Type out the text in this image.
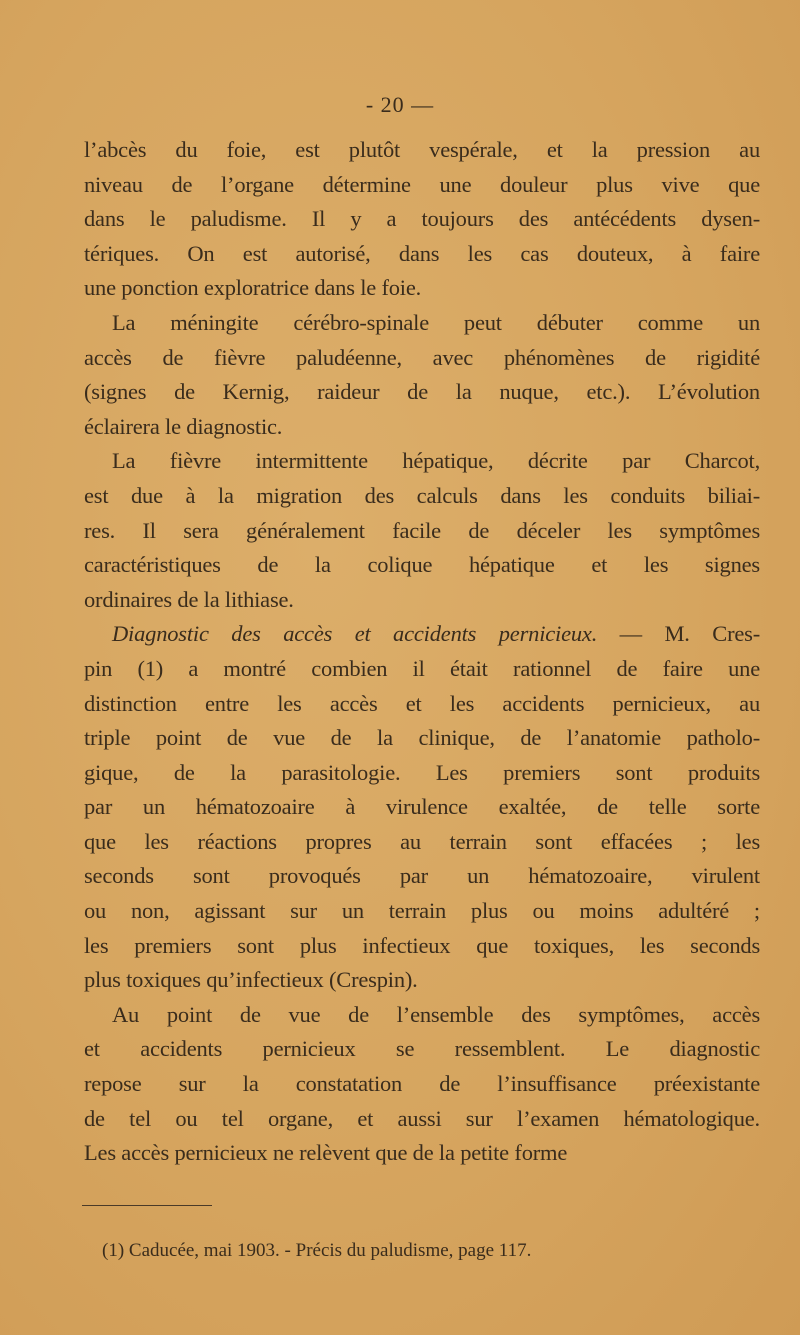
- 20 —
l’abcès du foie, est plutôt vespérale, et la pression au
niveau de l’organe détermine une douleur plus vive que
dans le paludisme. Il y a toujours des antécédents dysen-
tériques. On est autorisé, dans les cas douteux, à faire
une ponction exploratrice dans le foie.
La méningite cérébro-spinale peut débuter comme un
accès de fièvre paludéenne, avec phénomènes de rigidité
(signes de Kernig, raideur de la nuque, etc.). L’évolution
éclairera le diagnostic.
La fièvre intermittente hépatique, décrite par Charcot,
est due à la migration des calculs dans les conduits biliai-
res. Il sera généralement facile de déceler les symptômes
caractéristiques de la colique hépatique et les signes
ordinaires de la lithiase.
Diagnostic des accès et accidents pernicieux. — M. Cres-
pin (1) a montré combien il était rationnel de faire une
distinction entre les accès et les accidents pernicieux, au
triple point de vue de la clinique, de l’anatomie patholo-
gique, de la parasitologie. Les premiers sont produits
par un hématozoaire à virulence exaltée, de telle sorte
que les réactions propres au terrain sont effacées ; les
seconds sont provoqués par un hématozoaire, virulent
ou non, agissant sur un terrain plus ou moins adultéré ;
les premiers sont plus infectieux que toxiques, les seconds
plus toxiques qu’infectieux (Crespin).
Au point de vue de l’ensemble des symptômes, accès
et accidents pernicieux se ressemblent. Le diagnostic
repose sur la constatation de l’insuffisance préexistante
de tel ou tel organe, et aussi sur l’examen hématologique.
Les accès pernicieux ne relèvent que de la petite forme
(1) Caducée, mai 1903. - Précis du paludisme, page 117.
